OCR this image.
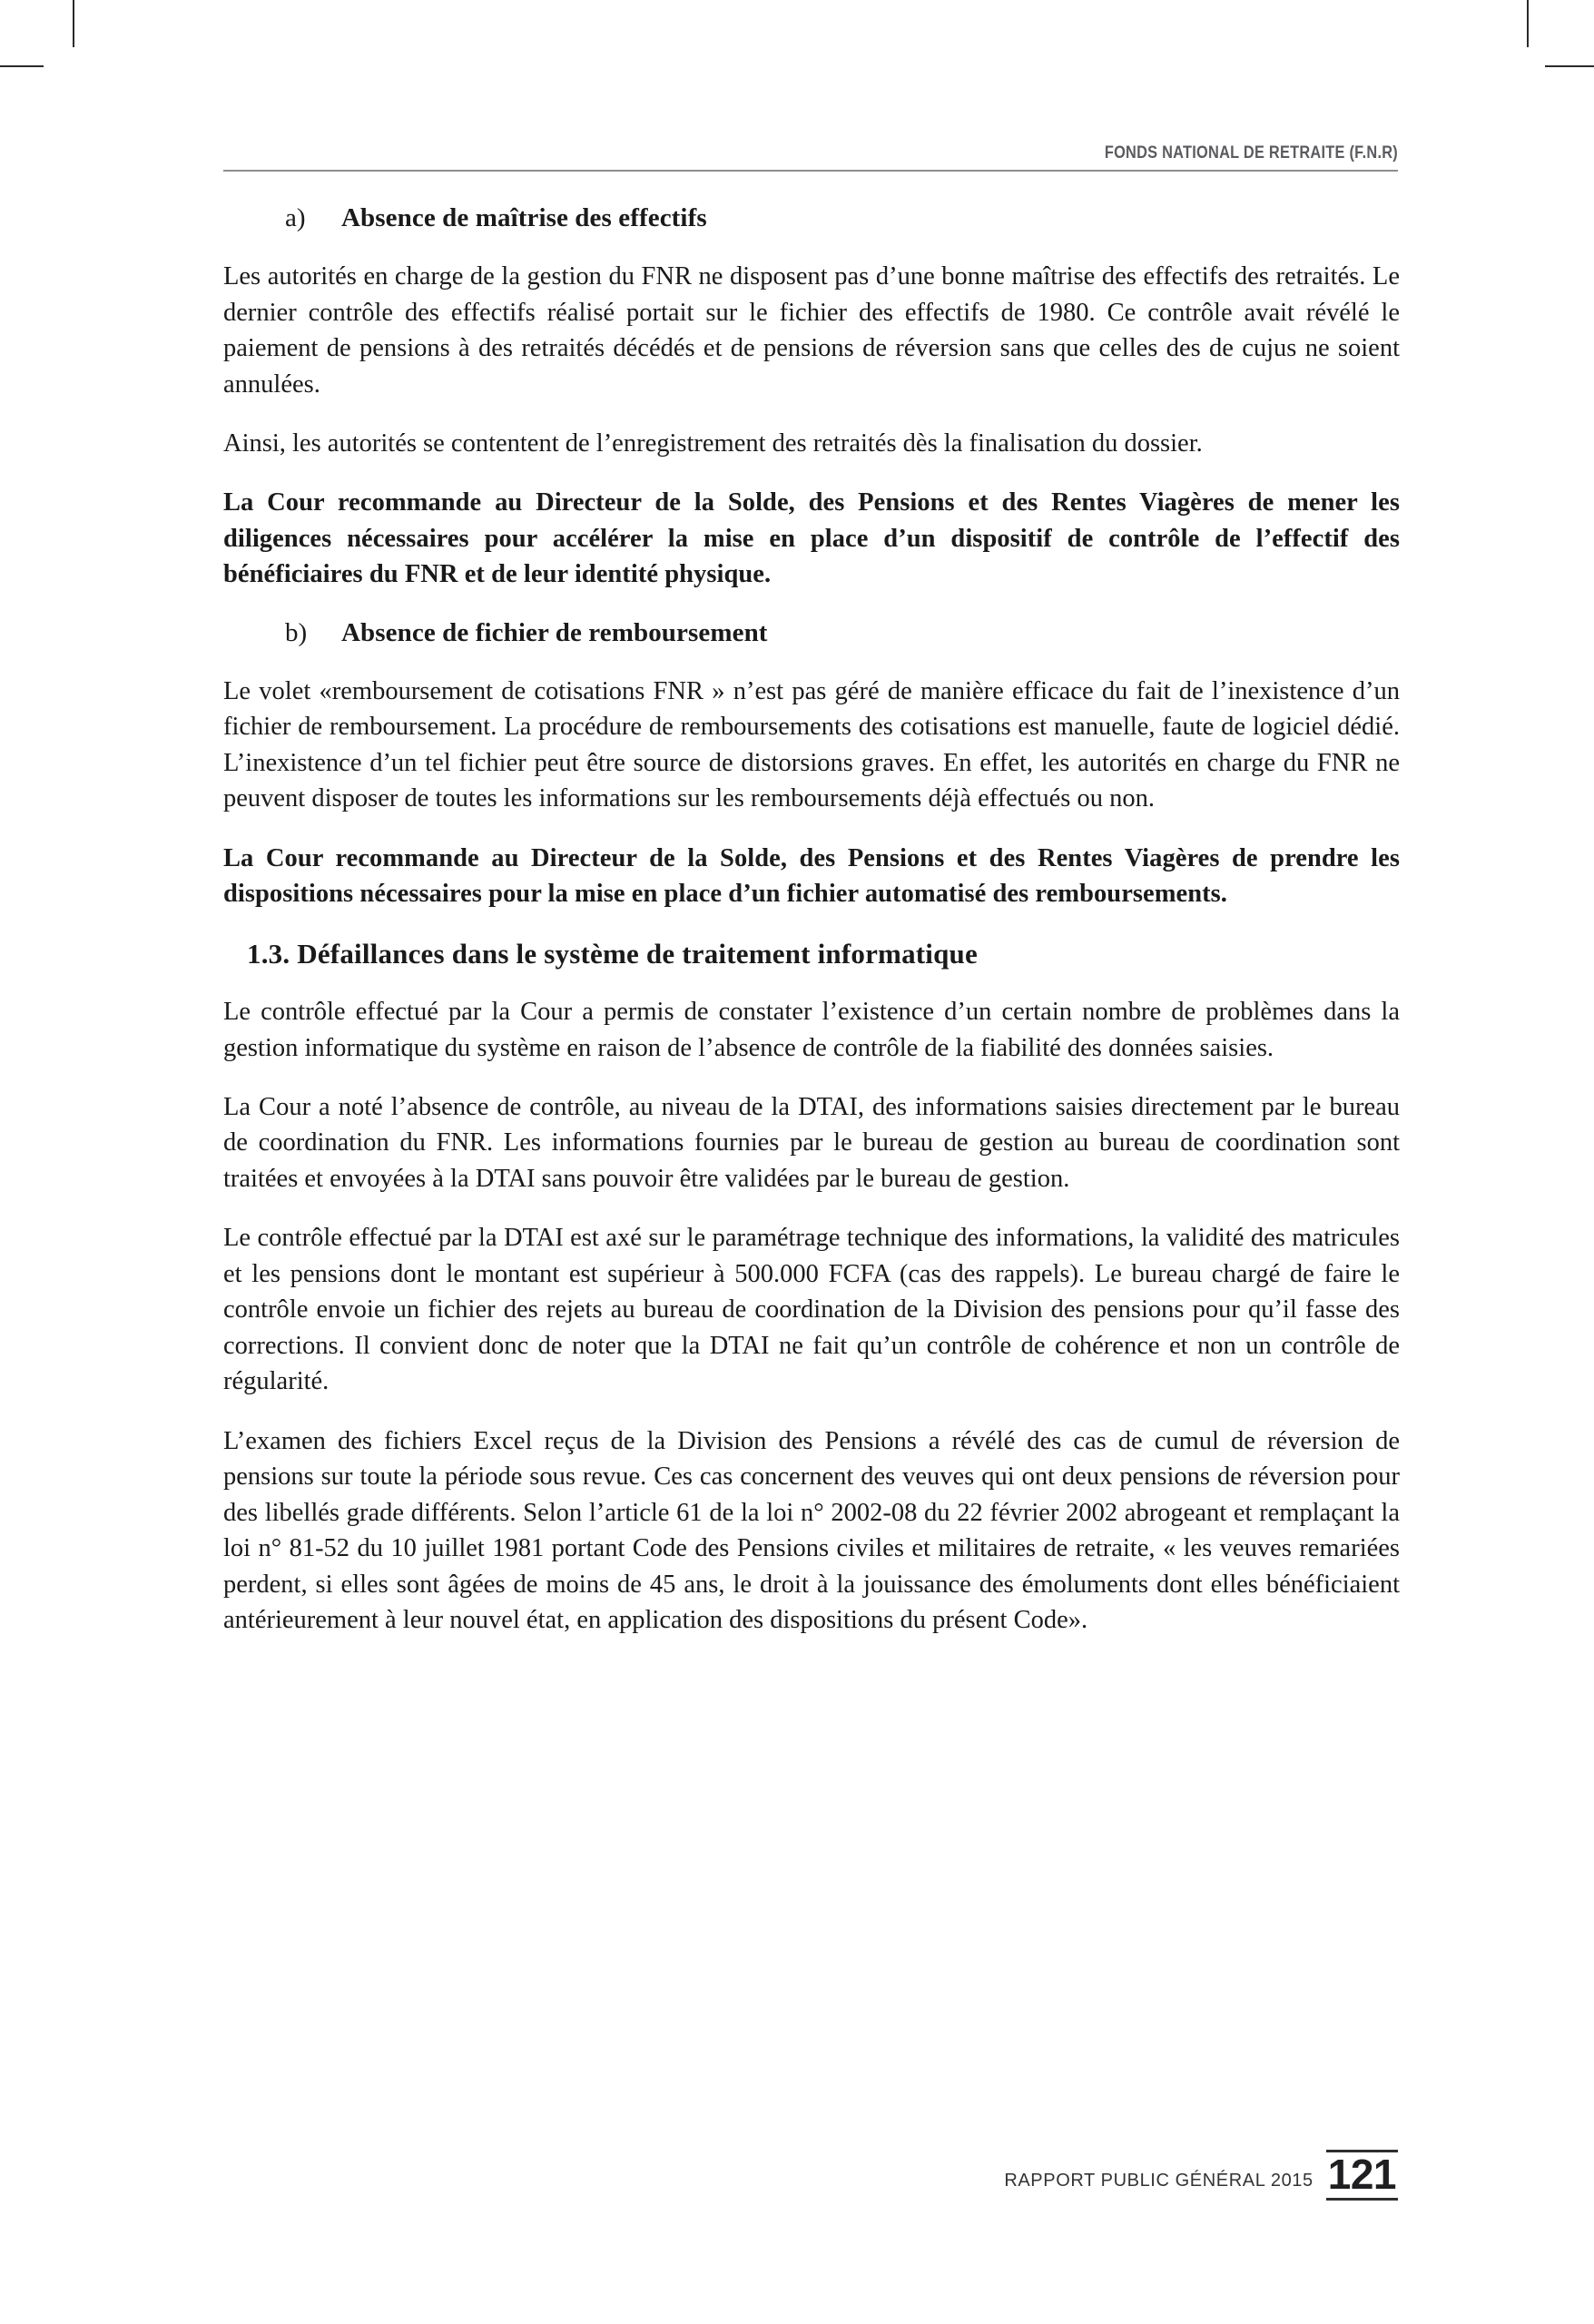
FONDS NATIONAL DE RETRAITE (F.N.R)
a) Absence de maîtrise des effectifs

Les autorités en charge de la gestion du FNR ne disposent pas d’une bonne maîtrise des effectifs des retraités. Le dernier contrôle des effectifs réalisé portait sur le fichier des effectifs de 1980. Ce contrôle avait révélé le paiement de pensions à des retraités décédés et de pensions de réversion sans que celles des de cujus ne soient annulées.

Ainsi, les autorités se contentent de l’enregistrement des retraités dès la finalisation du dossier.

La Cour recommande au Directeur de la Solde, des Pensions et des Rentes Viagères de mener les diligences nécessaires pour accélérer la mise en place d’un dispositif de contrôle de l’effectif des bénéficiaires du FNR et de leur identité physique.

b) Absence de fichier de remboursement

Le volet «remboursement de cotisations FNR » n’est pas géré de manière efficace du fait de l’inexistence d’un fichier de remboursement. La procédure de remboursements des cotisations est manuelle, faute de logiciel dédié. L’inexistence d’un tel fichier peut être source de distorsions graves. En effet, les autorités en charge du FNR ne peuvent disposer de toutes les informations sur les remboursements déjà effectués ou non.

La Cour recommande au Directeur de la Solde, des Pensions et des Rentes Viagères de prendre les dispositions nécessaires pour la mise en place d’un fichier automatisé des remboursements.

1.3. Défaillances dans le système de traitement informatique

Le contrôle effectué par la Cour a permis de constater l’existence d’un certain nombre de problèmes dans la gestion informatique du système en raison de l’absence de contrôle de la fiabilité des données saisies.

La Cour a noté l’absence de contrôle, au niveau de la DTAI, des informations saisies directement par le bureau de coordination du FNR. Les informations fournies par le bureau de gestion au bureau de coordination sont traitées et envoyées à la DTAI sans pouvoir être validées par le bureau de gestion.

Le contrôle effectué par la DTAI est axé sur le paramétrage technique des informations, la validité des matricules et les pensions dont le montant est supérieur à 500.000 FCFA (cas des rappels). Le bureau chargé de faire le contrôle envoie un fichier des rejets au bureau de coordination de la Division des pensions pour qu’il fasse des corrections. Il convient donc de noter que la DTAI ne fait qu’un contrôle de cohérence et non un contrôle de régularité.

L’examen des fichiers Excel reçus de la Division des Pensions a révélé des cas de cumul de réversion de pensions sur toute la période sous revue. Ces cas concernent des veuves qui ont deux pensions de réversion pour des libellés grade différents. Selon l’article 61 de la loi n° 2002-08 du 22 février 2002 abrogeant et remplaçant la loi n° 81-52 du 10 juillet 1981 portant Code des Pensions civiles et militaires de retraite, « les veuves remariées perdent, si elles sont âgées de moins de 45 ans, le droit à la jouissance des émoluments dont elles bénéficiaient antérieurement à leur nouvel état, en application des dispositions du présent Code».

RAPPORT PUBLIC GÉNÉRAL 2015 121
